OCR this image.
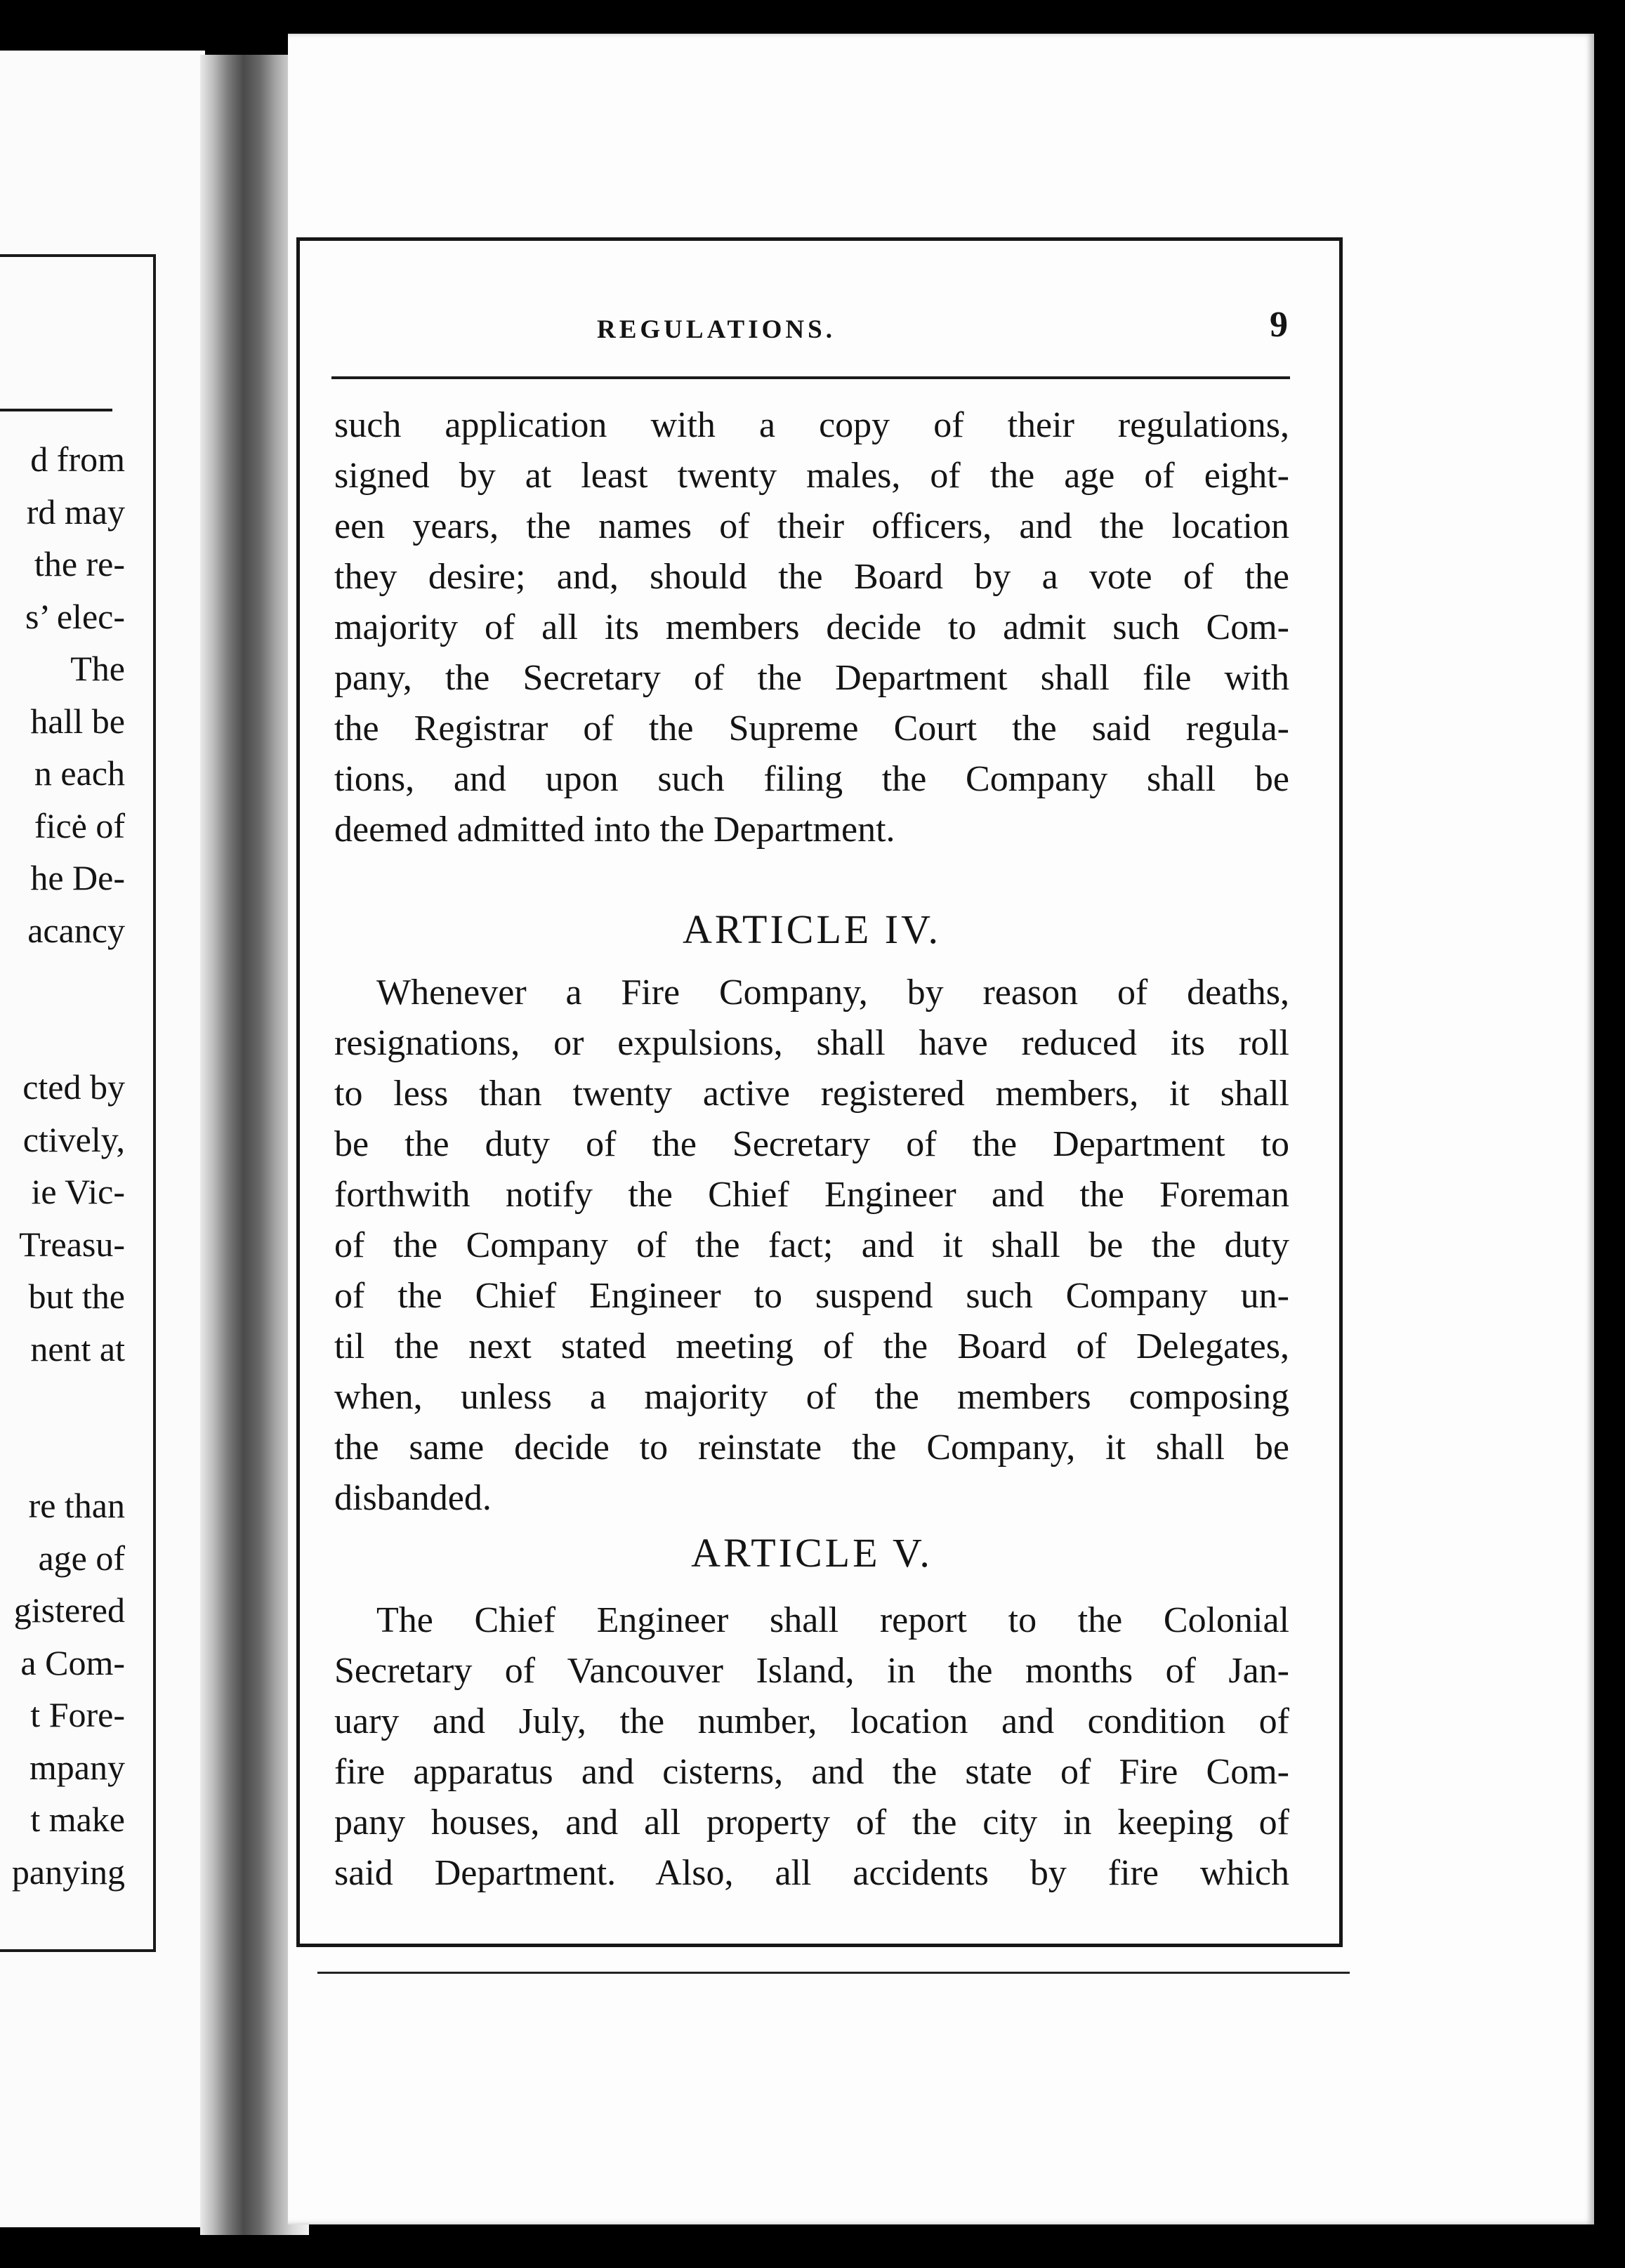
d from
rd may
the re-
s’ elec-
The
hall be
n each
ficė of
he De-
acancy
cted by
ctively,
ie Vic-
Treasu-
but the
nent at
re than
age of
gistered
a Com-
t Fore-
mpany
t make
panying
REGULATIONS.	9
such application with a copy of their regulations,
signed by at least twenty males, of the age of eight-
een years, the names of their officers, and the location
they desire; and, should the Board by a vote of the
majority of all its members decide to admit such Com-
pany, the Secretary of the Department shall file with
the Registrar of the Supreme Court the said regula-
tions, and upon such filing the Company shall be
deemed admitted into the Department.
ARTICLE IV.
Whenever a Fire Company, by reason of deaths,
resignations, or expulsions, shall have reduced its roll
to less than twenty active registered members, it shall
be the duty of the Secretary of the Department to
forthwith notify the Chief Engineer and the Foreman
of the Company of the fact; and it shall be the duty
of the Chief Engineer to suspend such Company un-
til the next stated meeting of the Board of Delegates,
when, unless a majority of the members composing
the same decide to reinstate the Company, it shall be
disbanded.
ARTICLE V.
The Chief Engineer shall report to the Colonial
Secretary of Vancouver Island, in the months of Jan-
uary and July, the number, location and condition of
fire apparatus and cisterns, and the state of Fire Com-
pany houses, and all property of the city in keeping of
said Department. Also, all accidents by fire which
